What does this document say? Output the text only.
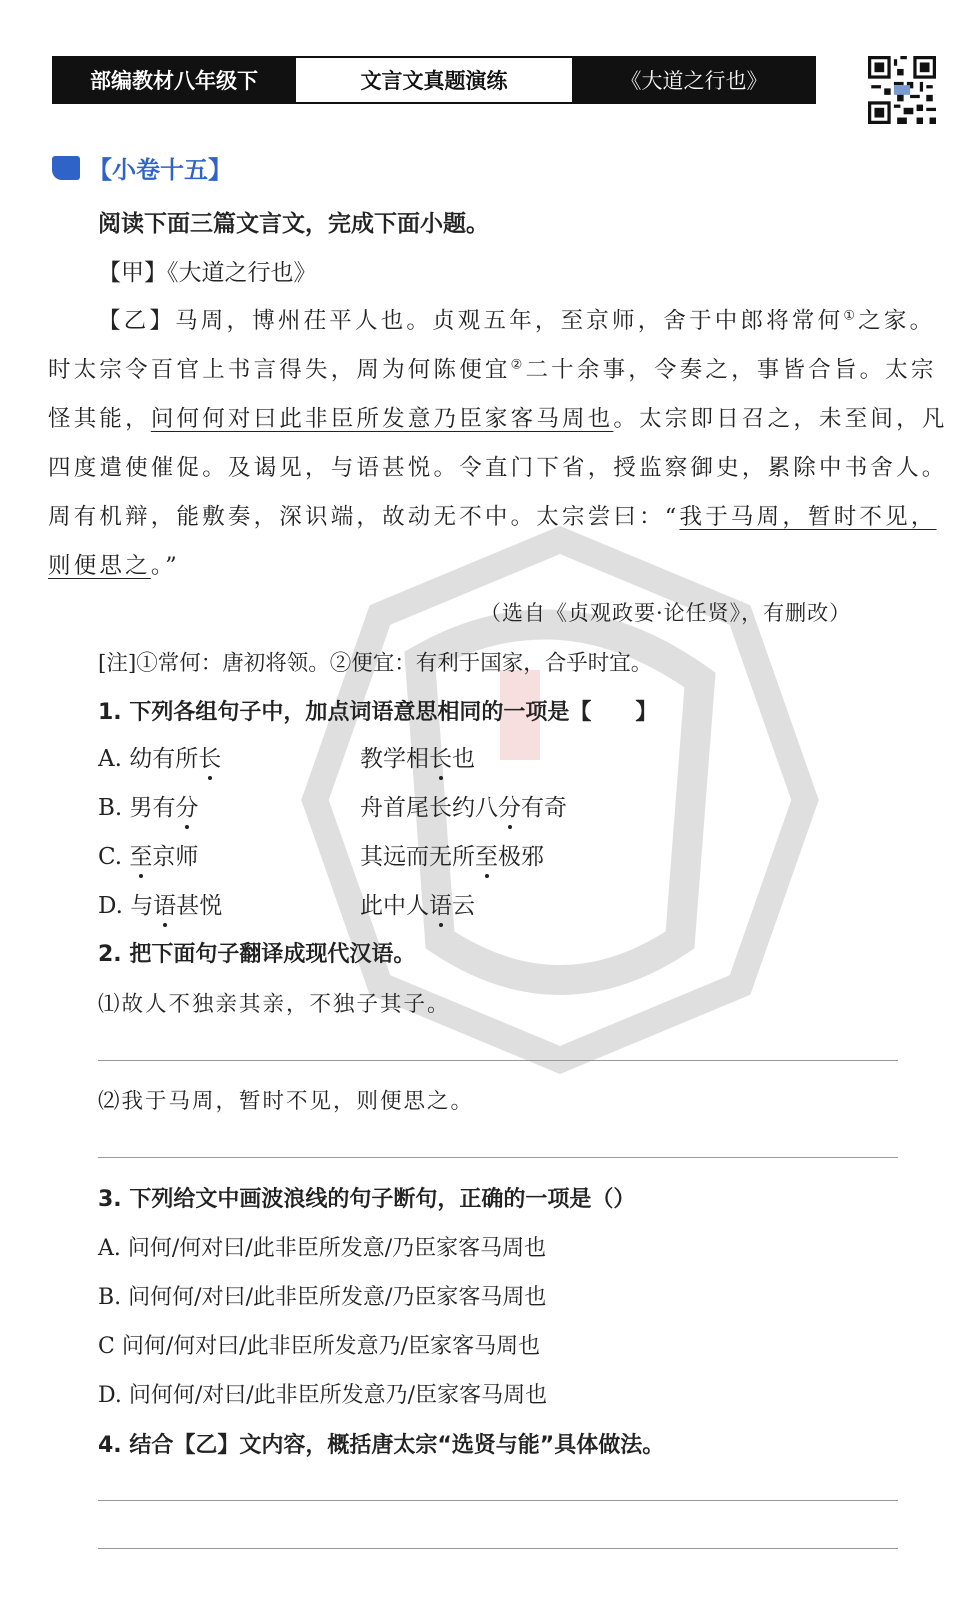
部编教材八年级下	文言文真题演练	《大道之行也》
【小卷十五】
阅读下面三篇文言文，完成下面小题。
【甲】《大道之行也》
【乙】马周，博州茌平人也。贞观五年，至京师，舍于中郎将常何①之家。
时太宗令百官上书言得失，周为何陈便宜②二十余事，令奏之，事皆合旨。太宗
怪其能，问何何对曰此非臣所发意乃臣家客马周也。太宗即日召之，未至间，凡
四度遣使催促。及谒见，与语甚悦。令直门下省，授监察御史，累除中书舍人。
周有机辩，能敷奏，深识端，故动无不中。太宗尝曰：“我于马周，暂时不见，
则便思之。”
（选自《贞观政要·论任贤》，有删改）
[注]①常何：唐初将领。②便宜：有利于国家，合乎时宜。
1. 下列各组句子中，加点词语意思相同的一项是【　　】
A. 幼有所长	教学相长也
B. 男有分	舟首尾长约八分有奇
C. 至京师	其远而无所至极邪
D. 与语甚悦	此中人语云
2. 把下面句子翻译成现代汉语。
⑴故人不独亲其亲，不独子其子。
⑵我于马周，暂时不见，则便思之。
3. 下列给文中画波浪线的句子断句，正确的一项是（）
A. 问何/何对曰/此非臣所发意/乃臣家客马周也
B. 问何何/对曰/此非臣所发意/乃臣家客马周也
C 问何/何对曰/此非臣所发意乃/臣家客马周也
D. 问何何/对曰/此非臣所发意乃/臣家客马周也
4. 结合【乙】文内容，概括唐太宗“选贤与能”具体做法。
